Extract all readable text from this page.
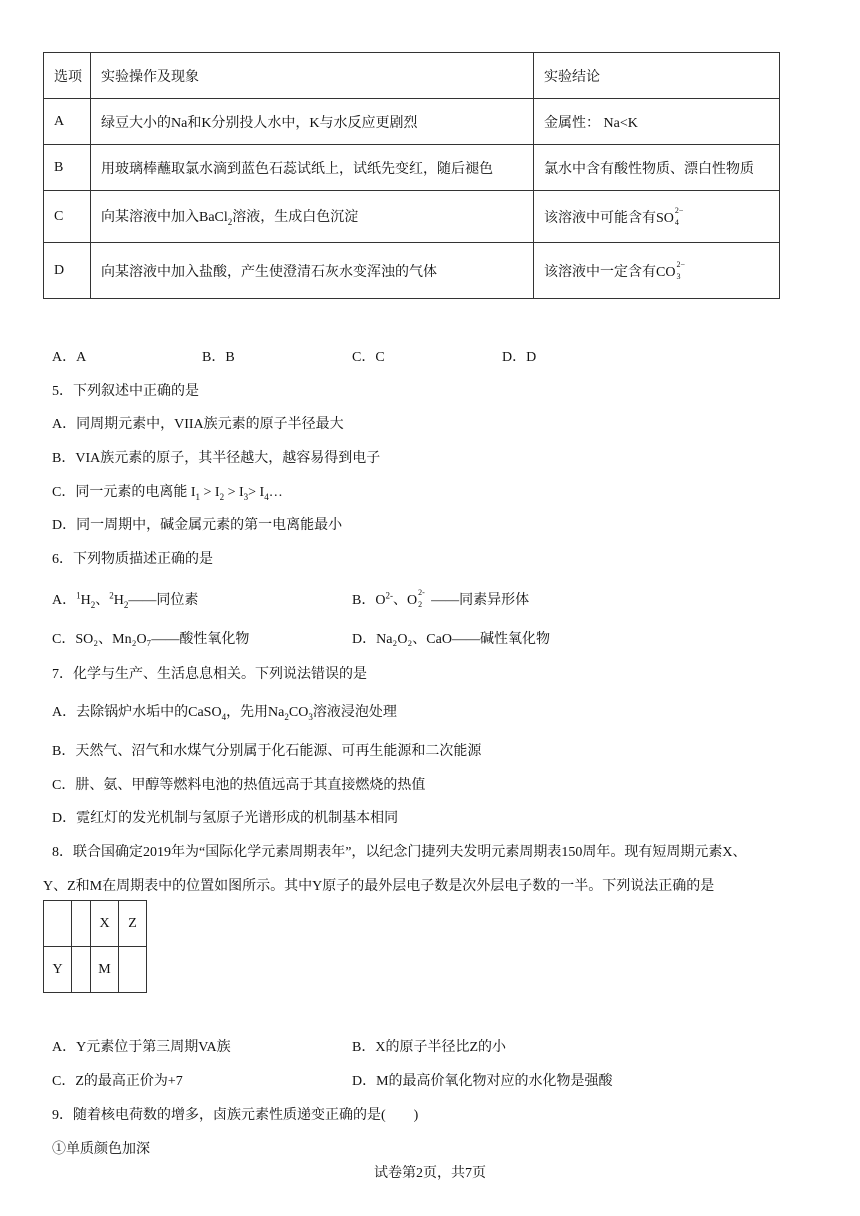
选项	实验操作及现象	实验结论
A	绿豆大小的Na和K分别投人水中，K与水反应更剧烈	金属性： Na<K
B	用玻璃棒蘸取氯水滴到蓝色石蕊试纸上，试纸先变红，随后褪色	氯水中含有酸性物质、漂白性物质
C	向某溶液中加入BaCl$_2$溶液，生成白色沉淀	该溶液中可能含有SO
2−
4

D	向某溶液中加入盐酸，产生使澄清石灰水变浑浊的气体	该溶液中一定含有CO
2−
3
A．A	B．B	C．C	D．D
5．下列叙述中正确的是
A．同周期元素中，VIIA族元素的原子半径最大
B．VIA族元素的原子，其半径越大，越容易得到电子
C．同一元素的电离能 $I_1 > I_2 > I_3>$ $I_4\dots$
D．同一周期中，碱金属元素的第一电离能最小
6．下列物质描述正确的是
A．$^1H_2$、$^2H_2——$同位素	B．$O^{2-}$、O
2-
2 ——同素异形体
C．SO₂、Mn₂O₇——酸性氧化物	D．Na₂O₂、CaO——碱性氧化物
7．化学与生产、生活息息相关。下列说法错误的是
A．去除锅炉水垢中的CaSO$_4$，先用$Na_2CO_3$溶液浸泡处理
B．天然气、沼气和水煤气分别属于化石能源、可再生能源和二次能源
C．肼、氨、甲醇等燃料电池的热值远高于其直接燃烧的热值
D．霓红灯的发光机制与氢原子光谱形成的机制基本相同
8．联合国确定2019年为“国际化学元素周期表年”，以纪念门捷列夫发明元素周期表150周年。现有短周期元素X、
Y、Z和M在周期表中的位置如图所示。其中Y原子的最外层电子数是次外层电子数的一半。下列说法正确的是
		X	Z
Y		M	
A．Y元素位于第三周期VA族	B．X的原子半径比Z的小
C．Z的最高正价为+7	D．M的最高价氧化物对应的水化物是强酸
9．随着核电荷数的增多，卤族元素性质递变正确的是(　　)
①单质颜色加深
试卷第2页，共7页
